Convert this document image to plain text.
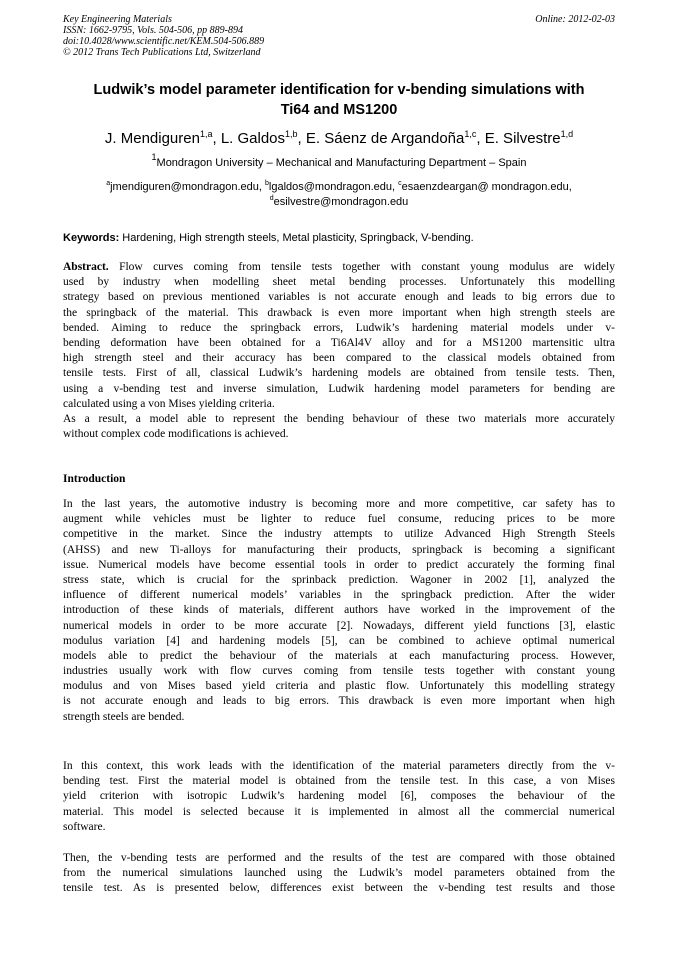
Key Engineering Materials
ISSN: 1662-9795, Vols. 504-506, pp 889-894
doi:10.4028/www.scientific.net/KEM.504-506.889
© 2012 Trans Tech Publications Ltd, Switzerland
Online: 2012-02-03
Ludwik’s model parameter identification for v-bending simulations with
Ti64 and MS1200
J. Mendiguren$^{1,a}$, L. Galdos$^{1,b}$, E. Sáenz de Argandoña$^{1,c}$, E. Silvestre$^{1,d}$
$^1$Mondragon University – Mechanical and Manufacturing Department – Spain
$^a$jmendiguren@mondragon.edu, $^b$lgaldos@mondragon.edu, $^c$esaenzdeargan@ mondragon.edu,
$^d$esilvestre@mondragon.edu
Keywords: Hardening, High strength steels, Metal plasticity, Springback, V-bending.
Abstract. Flow curves coming from tensile tests together with constant young modulus are widely
used by industry when modelling sheet metal bending processes. Unfortunately this modelling
strategy based on previous mentioned variables is not accurate enough and leads to big errors due to
the springback of the material. This drawback is even more important when high strength steels are
bended. Aiming to reduce the springback errors, Ludwik’s hardening material models under v-
bending deformation have been obtained for a Ti6Al4V alloy and for a MS1200 martensitic ultra
high strength steel and their accuracy has been compared to the classical models obtained from
tensile tests. First of all, classical Ludwik’s hardening models are obtained from tensile tests. Then,
using a v-bending test and inverse simulation, Ludwik hardening model parameters for bending are
calculated using a von Mises yielding criteria.
As a result, a model able to represent the bending behaviour of these two materials more accurately
without complex code modifications is achieved.
Introduction
In the last years, the automotive industry is becoming more and more competitive, car safety has to
augment while vehicles must be lighter to reduce fuel consume, reducing prices to be more
competitive in the market. Since the industry attempts to utilize Advanced High Strength Steels
(AHSS) and new Ti-alloys for manufacturing their products, springback is becoming a significant
issue. Numerical models have become essential tools in order to predict accurately the forming final
stress state, which is crucial for the sprinback prediction. Wagoner in 2002 [1], analyzed the
influence of different numerical models’ variables in the springback prediction. After the wider
introduction of these kinds of materials, different authors have worked in the improvement of the
numerical models in order to be more accurate [2]. Nowadays, different yield functions [3], elastic
modulus variation [4] and hardening models [5], can be combined to achieve optimal numerical
models able to predict the behaviour of the materials at each manufacturing process. However,
industries usually work with flow curves coming from tensile tests together with constant young
modulus and von Mises based yield criteria and plastic flow. Unfortunately this modelling strategy
is not accurate enough and leads to big errors. This drawback is even more important when high
strength steels are bended.
In this context, this work leads with the identification of the material parameters directly from the v-
bending test. First the material model is obtained from the tensile test. In this case, a von Mises
yield criterion with isotropic Ludwik’s hardening model [6], composes the behaviour of the
material. This model is selected because it is implemented in almost all the commercial numerical
software.
Then, the v-bending tests are performed and the results of the test are compared with those obtained
from the numerical simulations launched using the Ludwik’s model parameters obtained from the
tensile test. As is presented below, differences exist between the v-bending test results and those
